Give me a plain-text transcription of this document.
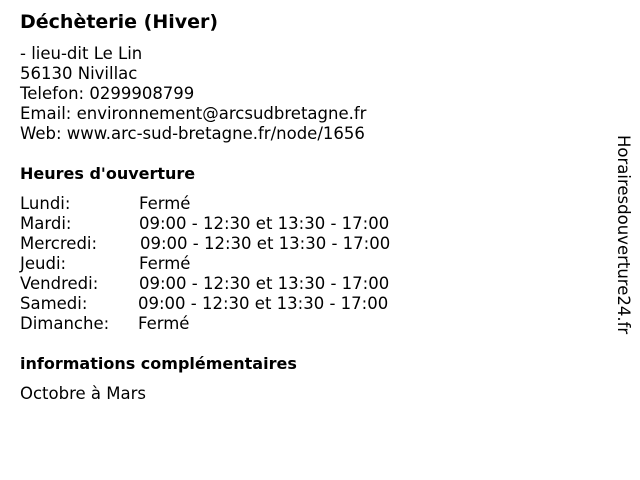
Déchèterie (Hiver)
- lieu-dit Le Lin
56130 Nivillac
Telefon: 0299908799
Email: environnement@arcsudbretagne.fr
Web: www.arc-sud-bretagne.fr/node/1656
Heures d'ouverture
Lundi:	Fermé
Mardi:	09:00 - 12:30 et 13:30 - 17:00
Mercredi:	09:00 - 12:30 et 13:30 - 17:00
Jeudi:	Fermé
Vendredi: 09:00 - 12:30 et 13:30 - 17:00
Samedi:	09:00 - 12:30 et 13:30 - 17:00
Dimanche: Fermé
informations complémentaires
Octobre à Mars
Horairesdouverture24.fr
